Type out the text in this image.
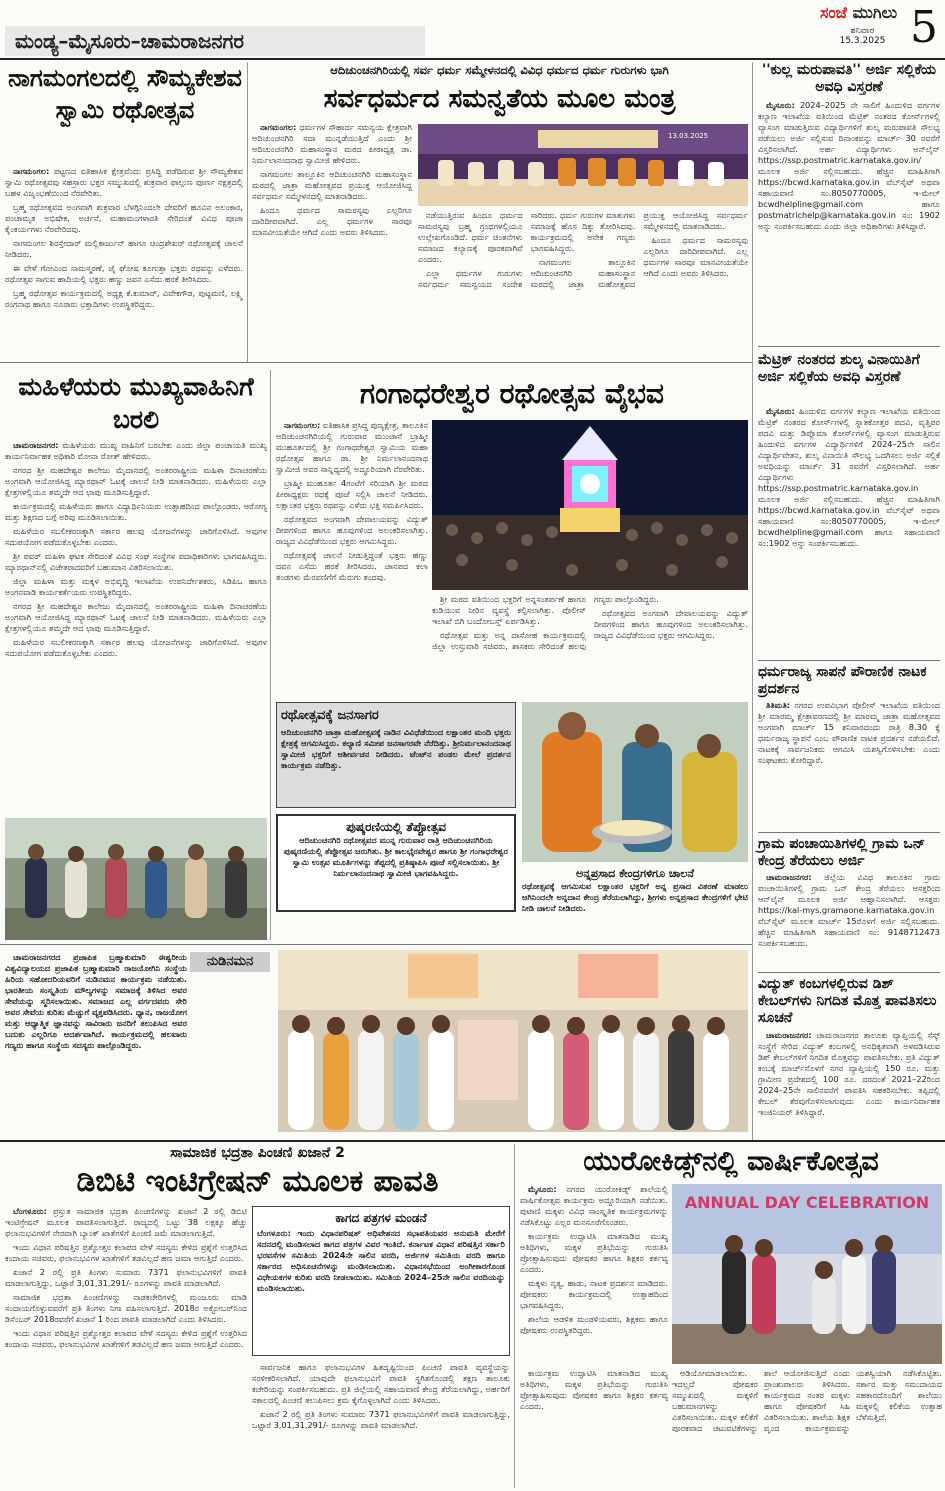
ಮಂಡ್ಯ–ಮೈಸೂರು–ಚಾಮರಾಜನಗರ
ಸಂಜೆ ಮುಗಿಲು
ಶನಿವಾರ
15.3.2025 5
ನಾಗಮಂಗಲದಲ್ಲಿ ಸೌಮ್ಯಕೇಶವ ಸ್ವಾಮಿ ರಥೋತ್ಸವ

ನಾಗಮಂಗಲ: ಪಟ್ಟಣದ ಐತಿಹಾಸಿಕ ಕ್ಷೇತ್ರವೆಂದು ಪ್ರಸಿದ್ಧಿ ಪಡೆದಿರುವ ಶ್ರೀ ಸೌಮ್ಯಕೇಶವ ಸ್ವಾಮಿ ರಥೋತ್ಸವವು ಸಹಸ್ರಾರು ಭಕ್ತರ ಸಮ್ಮುಖದಲ್ಲಿ ಶುಕ್ರವಾರ ಫಾಲ್ಗುಣ ಪೂರ್ಣ ನಕ್ಷತ್ರದಲ್ಲಿ ಬಹಳ ವಿಜೃಂಭಣೆಯಿಂದ ನೆರವೇರಿತು.

ಬ್ರಹ್ಮ ರಥೋತ್ಸವದ ಅಂಗವಾಗಿ ಶುಕ್ರವಾರ ಬೆಳಗ್ಗಿನಿಂದಲೇ ದೇವರಿಗೆ ಹೂವಿನ ಅಲಂಕಾರ, ಪಂಚಾಮೃತ ಅಭಿಷೇಕ, ಅರ್ಚನೆ, ಮಹಾಮಂಗಳಾರತಿ ಸೇರಿದಂತೆ ವಿವಿಧ ಪೂಜಾ ಕೈಂಕರ್ಯಗಳು ನೆರವೇರಿದವು.

ನಾಗಮಂಗಲ ಶಿರಸ್ತೇದಾರ್ ಮಲ್ಲಿಕಾರ್ಜುನ್ ಹಾಗೂ ಚಿಂದ್ರಶೇಖರ್ ರಥೋತ್ಸವಕ್ಕೆ ಚಾಲನೆ ನೀಡಿದರು.

ಈ ವೇಳೆ ಗೋವಿಂದ ನಾಮಸ್ಮರಣೆ, ಜೈ ಘೋಷ ಕೂಗುತ್ತಾ ಭಕ್ತರು ರಥವನ್ನು ಎಳೆದರು. ರಥೋತ್ಸವ ಸಾಗುವ ಹಾದಿಯಲ್ಲಿ ಭಕ್ತರು ಹಣ್ಣು ಜವನ ಎಸೆದು ಹರಕೆ ತೀರಿಸಿದರು.

ಬ್ರಹ್ಮ ರಥೋತ್ಸವ ಕಾರ್ಯಕ್ರಮದಲ್ಲಿ ಅಧ್ಯಕ್ಷ ಕೆ.ಕುಮಾರ್, ವಿವೇಕಗೌಡ, ಪುಟ್ಟಮಣಿ, ಲಕ್ಷ್ಮಿ ರಂಗನಾಥ ಹಾಗೂ ನೂರಾರು ಭಕ್ತಾದಿಗಳು ಉಪಸ್ಥಿತರಿದ್ದರು.

ಆದಿಚುಂಚನಗಿರಿಯಲ್ಲಿ ಸರ್ವ ಧರ್ಮ ಸಮ್ಮೇಳನದಲ್ಲಿ ವಿವಿಧ ಧರ್ಮದ ಧರ್ಮ ಗುರುಗಳು ಭಾಗಿ
ಸರ್ವಧರ್ಮದ ಸಮನ್ವತೆಯ ಮೂಲ ಮಂತ್ರ

ನಾಗಮಂಗಲ: ಧರ್ಮಗಳ ಸೌಹಾರ್ದ ಸಮನ್ವಯ ಕ್ಷೇತ್ರವಾಗಿ ಆದಿಚುಂಚನಗಿರಿ ಸದಾ ಮುನ್ನಡೆಯುತ್ತಿದೆ ಎಂದು ಶ್ರೀ ಆದಿಚುಂಚನಗಿರಿ ಮಹಾಸಂಸ್ಥಾನ ಮಠದ ಪೀಠಾಧ್ಯಕ್ಷ ಡಾ. ನಿರ್ಮಲಾನಂದನಾಥ ಸ್ವಾಮೀಜಿ ಹೇಳಿದರು.

ನಾಗಮಂಗಲ ತಾಲ್ಲೂಕಿನ ಆದಿಚುಂಚನಗಿರಿ ಮಹಾಸಂಸ್ಥಾನ ಮಠದಲ್ಲಿ ಜಾತ್ರಾ ಮಹೋತ್ಸವದ ಪ್ರಯುಕ್ತ ಆಯೋಜಿಸಿದ್ದ ಸರ್ವಧರ್ಮ ಸಮ್ಮೇಳನದಲ್ಲಿ ಮಾತನಾಡಿದರು.

ಹಿಂದೂ ಧರ್ಮದ ಸಾಮರಸ್ಯವು ಎಲ್ಲರಿಗೂ ದಾರಿದೀಪವಾಗಿದೆ. ಎಲ್ಲ ಧರ್ಮಗಳ ಸಾರವೂ ಮಾನವೀಯತೆಯೇ ಆಗಿದೆ ಎಂದು ಅವರು ತಿಳಿಸಿದರು.

13.03.2025

ನಡೆಯುತ್ತಿರುವ ಹಿಂದೂ ಧರ್ಮದ ಸಾಮರಸ್ಯವು ಬ್ರಹ್ಮ ಗ್ರಂಥಗಳಲ್ಲಿಯೂ ಉಲ್ಲೇಖಗೊಂಡಿದೆ. ಧರ್ಮ ಚಿಂತನೆಗಳು ಸಮಾಜದ ಕಲ್ಯಾಣಕ್ಕೆ ಪೂರಕವಾಗಿವೆ ಎಂದರು.

ಎಲ್ಲಾ ಧರ್ಮಗಳ ಗುರುಗಳು ಸರ್ವಧರ್ಮ ಸಮನ್ವಯದ ಸಂದೇಶ ಸಾರಿದರು. ಧರ್ಮ ಗುರುಗಳ ಮಾತುಗಳು ಸಮಾಜಕ್ಕೆ ಹೊಸ ದಿಕ್ಕು ತೋರಿಸಿದವು. ಕಾರ್ಯಕ್ರಮದಲ್ಲಿ ಅನೇಕ ಗಣ್ಯರು ಭಾಗವಹಿಸಿದ್ದರು.

ನಾಗಮಂಗಲ ತಾಲ್ಲೂಕಿನ ಆದಿಚುಂಚನಗಿರಿ ಮಹಾಸಂಸ್ಥಾನ ಮಠದಲ್ಲಿ ಜಾತ್ರಾ ಮಹೋತ್ಸವದ ಪ್ರಯುಕ್ತ ಆಯೋಜಿಸಿದ್ದ ಸರ್ವಧರ್ಮ ಸಮ್ಮೇಳನದಲ್ಲಿ ಮಾತನಾಡಿದರು.

ಹಿಂದೂ ಧರ್ಮದ ಸಾಮರಸ್ಯವು ಎಲ್ಲರಿಗೂ ದಾರಿದೀಪವಾಗಿದೆ. ಎಲ್ಲ ಧರ್ಮಗಳ ಸಾರವೂ ಮಾನವೀಯತೆಯೇ ಆಗಿದೆ ಎಂದು ಅವರು ತಿಳಿಸಿದರು.

''ಕುಲ್ಲ ಮರುಪಾವತಿ'' ಅರ್ಜಿ ಸಲ್ಲಿಕೆಯ ಅವಧಿ ವಿಸ್ತರಣೆ

ಮೈಸೂರು: 2024–2025 ನೇ ಸಾಲಿಗೆ ಹಿಂದುಳಿದ ವರ್ಗಗಳ ಕಲ್ಯಾಣ ಇಲಾಖೆಯ ವತಿಯಿಂದ ಮೆಟ್ರಿಕ್ ನಂತರದ ಕೋರ್ಸ್‌ಗಳಲ್ಲಿ ವ್ಯಾಸಂಗ ಮಾಡುತ್ತಿರುವ ವಿದ್ಯಾರ್ಥಿಗಳಿಗೆ ಶುಲ್ಕ ಮರುಪಾವತಿ ಸೌಲಭ್ಯ ಪಡೆಯಲು ಅರ್ಜಿ ಸಲ್ಲಿಸುವ ದಿನಾಂಕವನ್ನು ಮಾರ್ಚ್ 30 ರವರೆಗೆ ವಿಸ್ತರಿಸಲಾಗಿದೆ. ಅರ್ಹ ವಿದ್ಯಾರ್ಥಿಗಳು ಆನ್‌ಲೈನ್ https://ssp.postmatric.karnataka.gov.in/ ಮೂಲಕ ಅರ್ಜಿ ಸಲ್ಲಿಸಬಹುದು. ಹೆಚ್ಚಿನ ಮಾಹಿತಿಗಾಗಿ https://bcwd.karnataka.gov.in ವೆಬ್‌ಸೈಟ್ ಅಥವಾ ಸಹಾಯವಾಣಿ ಸಂ.8050770005, ಇ-ಮೇಲ್ bcwdhelpline@gmail.com ಹಾಗೂ postmatrichelp@karnataka.gov.in ಸಂ: 1902 ಅನ್ನು ಸಂಪರ್ಕಿಸಬಹುದು ಎಂದು ಜಿಲ್ಲಾ ಅಧಿಕಾರಿಗಳು ತಿಳಿಸಿದ್ದಾರೆ.

ಮೆಟ್ರಿಕ್ ನಂತರದ ಶುಲ್ಕ ವಿನಾಯಿತಿಗೆ ಅರ್ಜಿ ಸಲ್ಲಿಕೆಯ ಅವಧಿ ವಿಸ್ತರಣೆ

ಮೈಸೂರು: ಹಿಂದುಳಿದ ವರ್ಗಗಳ ಕಲ್ಯಾಣ ಇಲಾಖೆಯ ವತಿಯಿಂದ ಮೆಟ್ರಿಕ್ ನಂತರದ ಕೋರ್ಸ್‌ಗಳಲ್ಲಿ ಸ್ನಾತಕೋತ್ತರ ಪದವಿ, ವೃತ್ತಿಪರ ಪದವಿ ಮತ್ತು ಡಿಪ್ಲೊಮಾ ಕೋರ್ಸ್‌ಗಳಲ್ಲಿ ವ್ಯಾಸಂಗ ಮಾಡುತ್ತಿರುವ ಹಿಂದುಳಿದ ವರ್ಗಗಳ ವಿದ್ಯಾರ್ಥಿಗಳಿಗೆ 2024–25ನೇ ಸಾಲಿನ ವಿದ್ಯಾರ್ಥಿವೇತನ, ಶುಲ್ಕ ವಿನಾಯಿತಿ ಸೌಲಭ್ಯ ಒದಗಿಸಲು ಅರ್ಜಿ ಸಲ್ಲಿಕೆ ಅವಧಿಯನ್ನು ಮಾರ್ಚ್ 31 ರವರೆಗೆ ವಿಸ್ತರಿಸಲಾಗಿದೆ. ಅರ್ಹ ವಿದ್ಯಾರ್ಥಿಗಳು https://ssp.postmatric.karnataka.gov.in ಮೂಲಕ ಅರ್ಜಿ ಸಲ್ಲಿಸಬಹುದು. ಹೆಚ್ಚಿನ ಮಾಹಿತಿಗಾಗಿ https://bcwd.karnataka.gov.in ವೆಬ್‌ಸೈಟ್ ಅಥವಾ ಸಹಾಯವಾಣಿ ಸಂ:8050770005, ಇ-ಮೇಲ್ bcwdhelpline@gmail.com ಹಾಗೂ ಸಹಾಯವಾಣಿ ಸಂ:1902 ಅನ್ನು ಸಂಪರ್ಕಿಸಬಹುದು.

ಧರ್ಮರಾಜ್ಯ ಸಾಪನೆ ಪೌರಾಣಿಕ ನಾಟಕ ಪ್ರದರ್ಶನ

ತಿತಿಮತಿ: ನಗರದ ಉಪವಿಭಾಗ ಪೊಲೀಸ್ ಇಲಾಖೆಯ ವತಿಯಿಂದ ಶ್ರೀ ಮಾರಮ್ಮ ಕ್ಷೇತ್ರಾವರಣದಲ್ಲಿ ಶ್ರೀ ಮಾರಮ್ಮ ಜಾತ್ರಾ ಮಹೋತ್ಸವದ ಅಂಗವಾಗಿ ಮಾರ್ಚ್ 15 ಶನಿವಾರದಂದು ರಾತ್ರಿ 8.30 ಕ್ಕೆ ಧರ್ಮರಾಜ್ಯ ಸ್ಥಾಪನೆ ಎಂಬ ಪೌರಾಣಿಕ ನಾಟಕ ಪ್ರದರ್ಶನ ನಡೆಯಲಿದೆ. ನಾಟಕಕ್ಕೆ ಸಾರ್ವಜನಿಕರು ಆಗಮಿಸಿ ಯಶಸ್ವಿಗೊಳಿಸಬೇಕು ಎಂದು ಸಂಘಟಕರು ಕೋರಿದ್ದಾರೆ.

ಗ್ರಾಮ ಪಂಚಾಯಿತಿಗಳಲ್ಲಿ ಗ್ರಾಮ ಒನ್ ಕೇಂದ್ರ ತೆರೆಯಲು ಅರ್ಜಿ

ಚಾಮರಾಜನಗರ: ಜಿಲ್ಲೆಯ ವಿವಿಧ ತಾಲೂಕಿನ ಗ್ರಾಮ ಪಂಚಾಯಿತಿಗಳಲ್ಲಿ ಗ್ರಾಮ ಒನ್ ಕೇಂದ್ರ ತೆರೆಯಲು ಆಸಕ್ತರಿಂದ ಆನ್‌ಲೈನ್ ಮೂಲಕ ಅರ್ಜಿ ಆಹ್ವಾನಿಸಲಾಗಿದೆ. ಆಸಕ್ತರು https://kal-mys.gramaone.karnataka.gov.in ವೆಬ್‌ಸೈಟ್ ಮೂಲಕ ಮಾರ್ಚ್ 15ರೊಳಗೆ ಅರ್ಜಿ ಸಲ್ಲಿಸಬಹುದು. ಹೆಚ್ಚಿನ ಮಾಹಿತಿಗಾಗಿ ಸಹಾಯವಾಣಿ ಸಂ: 9148712473 ಸಂಪರ್ಕಿಸಬಹುದು.

ವಿದ್ಯುತ್ ಕಂಬಗಳಲ್ಲಿರುವ ಡಿಶ್ ಕೇಬಲ್‌ಗಳು ನಿಗದಿತ ಮೊತ್ತ ಪಾವತಿಸಲು ಸೂಚನೆ

ಚಾಮರಾಜನಗರ: ಚಾಮರಾಜನಗರ ತಾಲೂಕು ವ್ಯಾಪ್ತಿಯಲ್ಲಿ ಸೆಸ್ಕ್ ಸಂಸ್ಥೆಗೆ ಸೇರಿದ ವಿದ್ಯುತ್ ಕಂಬಗಳಲ್ಲಿ ಅನಧಿಕೃತವಾಗಿ ಅಳವಡಿಸಿರುವ ಡಿಶ್ ಕೇಬಲ್‌ಗಳಿಗೆ ನಿಗದಿತ ಮೊತ್ತವನ್ನು ಪಾವತಿಸಬೇಕು. ಪ್ರತಿ ವಿದ್ಯುತ್ ಕಂಬಕ್ಕೆ ಮಾರ್ಚ್‌ನೊಳಗೆ ನಗರ ವ್ಯಾಪ್ತಿಯಲ್ಲಿ 150 ರೂ. ಮತ್ತು ಗ್ರಾಮೀಣ ಪ್ರದೇಶದಲ್ಲಿ 100 ರೂ. ದರದಂತೆ 2021–22ರಿಂದ 2024–25ನೇ ಸಾಲಿನವರೆಗೆ ಪಾವತಿಸಿ ಸಹಕರಿಸಬೇಕು. ತಪ್ಪಿದಲ್ಲಿ ಕೇಬಲ್ ತೆರವುಗೊಳಿಸಲಾಗುವುದು ಎಂದು ಕಾರ್ಯನಿರ್ವಾಹಕ ಇಂಜಿನಿಯರ್ ತಿಳಿಸಿದ್ದಾರೆ.

ಮಹಿಳೆಯರು ಮುಖ್ಯವಾಹಿನಿಗೆ ಬರಲಿ

ಚಾಮರಾಜನಗರ: ಮಹಿಳೆಯರು ಮುಖ್ಯ ವಾಹಿನಿಗೆ ಬರಬೇಕು ಎಂದು ಜಿಲ್ಲಾ ಪಂಚಾಯತಿ ಮುಖ್ಯ ಕಾರ್ಯನಿರ್ವಾಹಕ ಅಧಿಕಾರಿ ಮೋನಾ ರೋತ್ ಹೇಳಿದರು.

ನಗರದ ಶ್ರೀ ಮಹದೇಶ್ವರ ಕಾಲೇಜು ಮೈದಾನದಲ್ಲಿ ಅಂತರರಾಷ್ಟ್ರೀಯ ಮಹಿಳಾ ದಿನಾಚರಣೆಯ ಅಂಗವಾಗಿ ಆಯೋಜಿಸಿದ್ದ ಮ್ಯಾರಥಾನ್ ಓಟಕ್ಕೆ ಚಾಲನೆ ನೀಡಿ ಮಾತನಾಡಿದರು. ಮಹಿಳೆಯರು ಎಲ್ಲಾ ಕ್ಷೇತ್ರಗಳಲ್ಲಿಯೂ ತಮ್ಮದೇ ಆದ ಛಾಪು ಮೂಡಿಸುತ್ತಿದ್ದಾರೆ.

ಕಾರ್ಯಕ್ರಮದಲ್ಲಿ ಮಹಿಳೆಯರು ಹಾಗೂ ವಿದ್ಯಾರ್ಥಿನಿಯರು ಉತ್ಸಾಹದಿಂದ ಪಾಲ್ಗೊಂಡರು. ಆರೋಗ್ಯ ಮತ್ತು ಶಿಕ್ಷಣದ ಬಗ್ಗೆ ಅರಿವು ಮೂಡಿಸಲಾಯಿತು.

ಮಹಿಳೆಯರ ಸಬಲೀಕರಣಕ್ಕಾಗಿ ಸರ್ಕಾರ ಹಲವು ಯೋಜನೆಗಳನ್ನು ಜಾರಿಗೊಳಿಸಿದೆ. ಅವುಗಳ ಸದುಪಯೋಗ ಪಡೆದುಕೊಳ್ಳಬೇಕು ಎಂದರು.

ಶ್ರೀ ಪವರ್ ಮಹಿಳಾ ಘಟಕ ಸೇರಿದಂತೆ ವಿವಿಧ ಸಂಘ ಸಂಸ್ಥೆಗಳ ಪದಾಧಿಕಾರಿಗಳು ಭಾಗವಹಿಸಿದ್ದರು. ಮ್ಯಾರಥಾನ್‌ನಲ್ಲಿ ವಿಜೇತರಾದವರಿಗೆ ಬಹುಮಾನ ವಿತರಿಸಲಾಯಿತು.

ಜಿಲ್ಲಾ ಮಹಿಳಾ ಮತ್ತು ಮಕ್ಕಳ ಅಭಿವೃದ್ಧಿ ಇಲಾಖೆಯ ಉಪನಿರ್ದೇಶಕರು, ಸಿಡಿಪಿಒ ಹಾಗೂ ಅಂಗನವಾಡಿ ಕಾರ್ಯಕರ್ತೆಯರು ಉಪಸ್ಥಿತರಿದ್ದರು.

ನಗರದ ಶ್ರೀ ಮಹದೇಶ್ವರ ಕಾಲೇಜು ಮೈದಾನದಲ್ಲಿ ಅಂತರರಾಷ್ಟ್ರೀಯ ಮಹಿಳಾ ದಿನಾಚರಣೆಯ ಅಂಗವಾಗಿ ಆಯೋಜಿಸಿದ್ದ ಮ್ಯಾರಥಾನ್ ಓಟಕ್ಕೆ ಚಾಲನೆ ನೀಡಿ ಮಾತನಾಡಿದರು. ಮಹಿಳೆಯರು ಎಲ್ಲಾ ಕ್ಷೇತ್ರಗಳಲ್ಲಿಯೂ ತಮ್ಮದೇ ಆದ ಛಾಪು ಮೂಡಿಸುತ್ತಿದ್ದಾರೆ.

ಮಹಿಳೆಯರ ಸಬಲೀಕರಣಕ್ಕಾಗಿ ಸರ್ಕಾರ ಹಲವು ಯೋಜನೆಗಳನ್ನು ಜಾರಿಗೊಳಿಸಿದೆ. ಅವುಗಳ ಸದುಪಯೋಗ ಪಡೆದುಕೊಳ್ಳಬೇಕು ಎಂದರು.

ಗಂಗಾಧರೇಶ್ವರ ರಥೋತ್ಸವ ವೈಭವ

ನಾಗಮಂಗಲ: ಐತಿಹಾಸಿಕ ಪ್ರಸಿದ್ಧ ಪುಣ್ಯಕ್ಷೇತ್ರ, ತಾಲೂಕಿನ ಆದಿಚುಂಚನಗಿರಿಯಲ್ಲಿ ಗುರುವಾರ ಮುಂಜಾನೆ ಬ್ರಾಹ್ಮೀ ಮುಹೂರ್ತದಲ್ಲಿ ಶ್ರೀ ಗಂಗಾಧರೇಶ್ವರ ಸ್ವಾಮಿಯ ಮಹಾ ರಥೋತ್ಸವ ಹಾಗೂ ಡಾ. ಶ್ರೀ ನಿರ್ಮಲಾನಂದನಾಥ ಸ್ವಾಮೀಜಿ ಅವರ ಸಾನ್ನಿಧ್ಯದಲ್ಲಿ ಅದ್ಧೂರಿಯಾಗಿ ನೆರವೇರಿತು.

ಬ್ರಾಹ್ಮೀ ಮುಹೂರ್ತ 4ಗಂಟೆಗೆ ಸರಿಯಾಗಿ ಶ್ರೀ ಮಠದ ಪೀಠಾಧ್ಯಕ್ಷರು ರಥಕ್ಕೆ ಪೂಜೆ ಸಲ್ಲಿಸಿ ಚಾಲನೆ ನೀಡಿದರು. ಲಕ್ಷಾಂತರ ಭಕ್ತರು ರಥವನ್ನು ಎಳೆದು ಭಕ್ತಿ ಸಮರ್ಪಿಸಿದರು.

ರಥೋತ್ಸವದ ಅಂಗವಾಗಿ ದೇವಾಲಯವನ್ನು ವಿದ್ಯುತ್ ದೀಪಗಳಿಂದ ಹಾಗೂ ಹೂವುಗಳಿಂದ ಅಲಂಕರಿಸಲಾಗಿತ್ತು. ರಾಜ್ಯದ ವಿವಿಧೆಡೆಯಿಂದ ಭಕ್ತರು ಆಗಮಿಸಿದ್ದರು.

ರಥೋತ್ಸವಕ್ಕೆ ಚಾಲನೆ ನೀಡುತ್ತಿದ್ದಂತೆ ಭಕ್ತರು ಹಣ್ಣು ದವನ ಎಸೆದು ಹರಕೆ ತೀರಿಸಿದರು. ಜಾನಪದ ಕಲಾ ತಂಡಗಳು ಮೆರವಣಿಗೆಗೆ ಮೆರುಗು ತಂದವು.

ಶ್ರೀ ಮಠದ ವತಿಯಿಂದ ಭಕ್ತರಿಗೆ ಅನ್ನಸಂತರ್ಪಣೆ ಹಾಗೂ ಕುಡಿಯುವ ನೀರಿನ ವ್ಯವಸ್ಥೆ ಕಲ್ಪಿಸಲಾಗಿತ್ತು. ಪೊಲೀಸ್ ಇಲಾಖೆ ಬಿಗಿ ಬಂದೋಬಸ್ತ್ ಏರ್ಪಡಿಸಿತ್ತು.

ರಥೋತ್ಸವ ಮತ್ತು ಅನ್ನ ದಾಸೋಹ ಕಾರ್ಯಕ್ರಮದಲ್ಲಿ ಜಿಲ್ಲಾ ಉಸ್ತುವಾರಿ ಸಚಿವರು, ಶಾಸಕರು ಸೇರಿದಂತೆ ಹಲವು ಗಣ್ಯರು ಪಾಲ್ಗೊಂಡಿದ್ದರು.

ರಥೋತ್ಸವದ ಅಂಗವಾಗಿ ದೇವಾಲಯವನ್ನು ವಿದ್ಯುತ್ ದೀಪಗಳಿಂದ ಹಾಗೂ ಹೂವುಗಳಿಂದ ಅಲಂಕರಿಸಲಾಗಿತ್ತು. ರಾಜ್ಯದ ವಿವಿಧೆಡೆಯಿಂದ ಭಕ್ತರು ಆಗಮಿಸಿದ್ದರು.

ರಥೋತ್ಸವಕ್ಕೆ ಜನಸಾಗರ
ಆದಿಚುಂಚನಗಿರಿ ಜಾತ್ರಾ ಮಹೋತ್ಸವಕ್ಕೆ ನಾಡಿನ ವಿವಿಧೆಡೆಯಿಂದ ಲಕ್ಷಾಂತರ ಮಂದಿ ಭಕ್ತರು ಕ್ಷೇತ್ರಕ್ಕೆ ಆಗಮಿಸಿದ್ದರು. ಕಲ್ಯಾಣಿ ಸಮೀಪ ಜನಸಾಗರವೇ ನೆರೆದಿತ್ತು. ಶ್ರೀನಿರ್ಮಲಾನಂದನಾಥ ಸ್ವಾಮೀಜಿ ಭಕ್ತರಿಗೆ ಆಶೀರ್ವಚನ ನೀಡಿದರು. ಟೆಂಟ್‌ನ ಪಂಡಲ ಮೇಲೆ ಪ್ರದರ್ಶನ ಕಾರ್ಯಕ್ರಮ ನಡೆದಿತ್ತು.
ಪುಷ್ಕರಣಿಯಲ್ಲಿ ತೆಪ್ಪೋತ್ಸವ
ಆದಿಚುಂಚನಗಿರಿ ರಥೋತ್ಸವದ ಮುನ್ನ ಗುರುವಾರ ರಾತ್ರಿ ಆದಿಚುಂಚನಗಿರಿಯ ಪುಷ್ಕರಣಿಯಲ್ಲಿ ತೆಪ್ಪೋತ್ಸವ ಜರುಗಿತು. ಶ್ರೀ ಕಾಲಭೈರವೇಶ್ವರ ಹಾಗೂ ಶ್ರೀ ಗಂಗಾಧರೇಶ್ವರ ಸ್ವಾಮಿ ಉತ್ಸವ ಮೂರ್ತಿಗಳನ್ನು ತೆಪ್ಪದಲ್ಲಿ ಪ್ರತಿಷ್ಠಾಪಿಸಿ ಪೂಜೆ ಸಲ್ಲಿಸಲಾಯಿತು. ಶ್ರೀ ನಿರ್ಮಲಾನಂದನಾಥ ಸ್ವಾಮೀಜಿ ಭಾಗವಹಿಸಿದ್ದರು.	ಅನ್ನಪ್ರಸಾದ ಕೇಂದ್ರಗಳಿಗೂ ಚಾಲನೆ
ರಥೋತ್ಸವಕ್ಕೆ ಆಗಮಿಸುವ ಲಕ್ಷಾಂತರ ಭಕ್ತರಿಗೆ ಅನ್ನ ಪ್ರಸಾದ ವಿತರಣೆ ಮಾಡಲು ಆಗಿನಿಂದಲೇ ಅನ್ನದಾನ ಕೇಂದ್ರ ತೆರೆಯಲಾಗಿದ್ದು, ಶ್ರೀಗಳು ಅನ್ನಪ್ರಸಾದ ಕೇಂದ್ರಗಳಿಗೆ ಭೇಟಿ ನೀಡಿ ಚಾಲನೆ ನೀಡಿದರು.
ನುಡಿನಮನ

ಚಾಮರಾಜನಗರದ ಪ್ರಜಾಪಿತ ಬ್ರಹ್ಮಾಕುಮಾರಿ ಈಶ್ವರೀಯ ವಿಶ್ವವಿದ್ಯಾಲಯದ ಪ್ರಜಾಪಿತ ಬ್ರಹ್ಮಾಕುಮಾರಿ ರಾಜಯೋಗಿನಿ ಸಂಸ್ಥೆಯ ಹಿರಿಯ ಸಹೋದರಿಯವರಿಗೆ ನುಡಿನಮನ ಕಾರ್ಯಕ್ರಮ ನಡೆಯಿತು. ಭಾರತೀಯ ಸಂಸ್ಕೃತಿಯ ಮೌಲ್ಯಗಳನ್ನು ಸಮಾಜಕ್ಕೆ ತಿಳಿಸಿದ ಅವರ ಸೇವೆಯನ್ನು ಸ್ಮರಿಸಲಾಯಿತು. ಸಮಾಜದ ಎಲ್ಲ ವರ್ಗದವರು ಸೇರಿ ಅವರ ಸೇವೆಯ ಕುರಿತು ಮೆಚ್ಚುಗೆ ವ್ಯಕ್ತಪಡಿಸಿದರು. ಧ್ಯಾನ, ರಾಜಯೋಗ ಮತ್ತು ಆಧ್ಯಾತ್ಮಿಕ ಜ್ಞಾನವನ್ನು ಸಾವಿರಾರು ಜನರಿಗೆ ತಲುಪಿಸಿದ ಅವರ ಬದುಕು ಎಲ್ಲರಿಗೂ ಆದರ್ಶವಾಗಿದೆ. ಕಾರ್ಯಕ್ರಮದಲ್ಲಿ ಹಲವಾರು ಗಣ್ಯರು ಹಾಗೂ ಸಂಸ್ಥೆಯ ಸದಸ್ಯರು ಪಾಲ್ಗೊಂಡಿದ್ದರು.

ಸಾಮಾಜಿಕ ಭದ್ರತಾ ಪಿಂಚಣಿ ಖಜಾನೆ 2
ಡಿಬಿಟಿ ಇಂಟಿಗ್ರೇಷನ್ ಮೂಲಕ ಪಾವತಿ

ಬೆಂಗಳೂರು: ಪ್ರಸ್ತುತ ಸಾಮಾಜಿಕ ಭದ್ರತಾ ಪಿಂಚಣಿಗಳನ್ನು ಖಜಾನೆ 2 ರಲ್ಲಿ ಡಿಬಿಟಿ ಇಂಟಿಗ್ರೇಷನ್ ಮೂಲಕ ಪಾವತಿಸಲಾಗುತ್ತಿದೆ. ರಾಜ್ಯದಲ್ಲಿ ಒಟ್ಟು 38 ಲಕ್ಷಕ್ಕೂ ಹೆಚ್ಚು ಫಲಾನುಭವಿಗಳಿಗೆ ನೇರವಾಗಿ ಬ್ಯಾಂಕ್ ಖಾತೆಗಳಿಗೆ ಪಿಂಚಣಿ ಜಮೆ ಮಾಡಲಾಗುತ್ತಿದೆ.

ಇಂದು ವಿಧಾನ ಪರಿಷತ್ತಿನ ಪ್ರಶ್ನೋತ್ತರ ಕಲಾಪದ ವೇಳೆ ಸದಸ್ಯರು ಕೇಳಿದ ಪ್ರಶ್ನೆಗೆ ಉತ್ತರಿಸಿದ ಕಂದಾಯ ಸಚಿವರು, ಫಲಾನುಭವಿಗಳ ಖಾತೆಗಳಿಗೆ ತಡವಿಲ್ಲದೆ ಹಣ ಜಮಾ ಆಗುತ್ತಿದೆ ಎಂದರು.

ಖಜಾನೆ 2 ರಲ್ಲಿ ಪ್ರತಿ ತಿಂಗಳು ಸುಮಾರು 7371 ಫಲಾನುಭವಿಗಳಿಗೆ ಪಾವತಿ ಮಾಡಲಾಗುತ್ತಿದ್ದು, ಒಟ್ಟಾರೆ 3,01,31,291/- ರೂಗಳನ್ನು ಪಾವತಿ ಮಾಡಲಾಗಿದೆ.

ಸಾಮಾಜಿಕ ಭದ್ರತಾ ಪಿಂಚಣಿಗಳನ್ನು ನಾಡಕಚೇರಿಗಳಲ್ಲಿ ಮಂಜೂರು ಮಾಡಿ ಸಂದಾಯಗೊಳ್ಳುವವರೆಗೆ ಪ್ರತಿ ತಿಂಗಳು ನಿಗಾ ವಹಿಸಲಾಗುತ್ತಿದೆ. 2018ರ ಅಕ್ಟೋಬರ್‌ನಿಂದ ಡಿಸೆಂಬರ್ 2018ರವರೆಗೆ ಖಜಾನೆ 1 ರಿಂದ ಪಾವತಿ ಮಾಡಲಾಗಿದೆ ಎಂದು ತಿಳಿಸಿದರು.

ಇಂದು ವಿಧಾನ ಪರಿಷತ್ತಿನ ಪ್ರಶ್ನೋತ್ತರ ಕಲಾಪದ ವೇಳೆ ಸದಸ್ಯರು ಕೇಳಿದ ಪ್ರಶ್ನೆಗೆ ಉತ್ತರಿಸಿದ ಕಂದಾಯ ಸಚಿವರು, ಫಲಾನುಭವಿಗಳ ಖಾತೆಗಳಿಗೆ ತಡವಿಲ್ಲದೆ ಹಣ ಜಮಾ ಆಗುತ್ತಿದೆ ಎಂದರು.

ಕಾಗದ ಪತ್ರಗಳ ಮಂಡನೆ
ಬೆಂಗಳೂರು: ಇಂದು ವಿಧಾನಪರಿಷತ್ ಅಧಿವೇಶನದ ಸಭಾಪತಿಯವರ ಅನುಮತಿ ಮೇರೆಗೆ ಸದನದಲ್ಲಿ ಮಂಡಿಸಲಾದ ಕಾಗದ ಪತ್ರಗಳ ವಿವರ ಇಂತಿದೆ. ಕರ್ನಾಟಕ ವಿಧಾನ ಪರಿಷತ್ತಿನ ಸರ್ಕಾರಿ ಭರವಸೆಗಳ ಸಮಿತಿಯ 2024ನೇ ಸಾಲಿನ ವರದಿ, ಅರ್ಜಿಗಳ ಸಮಿತಿಯ ವರದಿ ಹಾಗೂ ಸರ್ಕಾರದ ಅಧಿಸೂಚನೆಗಳನ್ನು ಮಂಡಿಸಲಾಯಿತು. ವಿಧಾನಸಭೆಯಿಂದ ಅಂಗೀಕಾರಗೊಂಡ ವಿಧೇಯಕಗಳ ಕುರಿತು ವರದಿ ನೀಡಲಾಯಿತು. ಸಮಿತಿಯ 2024–25ನೇ ಸಾಲಿನ ವರದಿಯನ್ನು ಮಂಡಿಸಲಾಯಿತು.

ಸಾರ್ವಜನಿಕ ಹಾಗೂ ಫಲಾನುಭವಿಗಳ ಹಿತದೃಷ್ಟಿಯಿಂದ ಪಿಂಚಣಿ ಪಾವತಿ ವ್ಯವಸ್ಥೆಯನ್ನು ಸರಳೀಕರಿಸಲಾಗಿದೆ. ಯಾವುದೇ ಫಲಾನುಭವಿಗೆ ಪಾವತಿ ಸ್ಥಗಿತಗೊಂಡಲ್ಲಿ ತಕ್ಷಣ ತಾಲೂಕು ಕಚೇರಿಯನ್ನು ಸಂಪರ್ಕಿಸಬಹುದು. ಪ್ರತಿ ಜಿಲ್ಲೆಯಲ್ಲಿ ಸಹಾಯವಾಣಿ ಕೇಂದ್ರ ತೆರೆಯಲಾಗಿದ್ದು, ಅರ್ಹರಿಗೆ ಸಕಾಲದಲ್ಲಿ ಪಿಂಚಣಿ ತಲುಪಿಸಲು ಕ್ರಮ ಕೈಗೊಳ್ಳಲಾಗಿದೆ ಎಂದು ತಿಳಿಸಿದರು.

ಖಜಾನೆ 2 ರಲ್ಲಿ ಪ್ರತಿ ತಿಂಗಳು ಸುಮಾರು 7371 ಫಲಾನುಭವಿಗಳಿಗೆ ಪಾವತಿ ಮಾಡಲಾಗುತ್ತಿದ್ದು, ಒಟ್ಟಾರೆ 3,01,31,291/- ರೂಗಳನ್ನು ಪಾವತಿ ಮಾಡಲಾಗಿದೆ.

ಯುರೋಕಿಡ್ಸ್‌ನಲ್ಲಿ ವಾರ್ಷಿಕೋತ್ಸವ

ಮೈಸೂರು: ನಗರದ ಯುರೋಕಿಡ್ಸ್ ಶಾಲೆಯಲ್ಲಿ ವಾರ್ಷಿಕೋತ್ಸವ ಕಾರ್ಯಕ್ರಮ ಅದ್ದೂರಿಯಾಗಿ ನಡೆಯಿತು. ಪುಟಾಣಿ ಮಕ್ಕಳು ವಿವಿಧ ಸಾಂಸ್ಕೃತಿಕ ಕಾರ್ಯಕ್ರಮಗಳನ್ನು ನಡೆಸಿಕೊಟ್ಟು ಎಲ್ಲರ ಮನಸೂರೆಗೊಂಡರು.

ಕಾರ್ಯಕ್ರಮ ಉದ್ಘಾಟಿಸಿ ಮಾತನಾಡಿದ ಮುಖ್ಯ ಅತಿಥಿಗಳು, ಮಕ್ಕಳ ಪ್ರತಿಭೆಯನ್ನು ಗುರುತಿಸಿ ಪ್ರೋತ್ಸಾಹಿಸುವುದು ಪೋಷಕರ ಹಾಗೂ ಶಿಕ್ಷಕರ ಕರ್ತವ್ಯ ಎಂದರು.

ಮಕ್ಕಳು ನೃತ್ಯ, ಹಾಡು, ನಾಟಕ ಪ್ರದರ್ಶನ ಮಾಡಿದರು. ಪೋಷಕರು ಕಾರ್ಯಕ್ರಮದಲ್ಲಿ ಉತ್ಸಾಹದಿಂದ ಭಾಗವಹಿಸಿದ್ದರು.

ಶಾಲೆಯ ಆಡಳಿತ ಮಂಡಳಿಯವರು, ಶಿಕ್ಷಕರು ಹಾಗೂ ಪೋಷಕರು ಉಪಸ್ಥಿತರಿದ್ದರು.

ANNUAL DAY CELEBRATION

ಆಡಿಯೋಮಾಡಲಾಯಿತು. ಇದಲ್ಲದೆ ಪೋಷಕರ ಸಮ್ಮುಖದಲ್ಲಿ ಮಕ್ಕಳಿಗೆ ಬಹುಮಾನಗಳನ್ನು ವಿತರಿಸಲಾಯಿತು. ಮಕ್ಕಳ ಕಲಿಕೆಗೆ ಪೂರಕವಾದ ಚಟುವಟಿಕೆಗಳನ್ನು ಶಾಲೆ ಆಯೋಜಿಸುತ್ತಿದೆ ಎಂದು ಪ್ರಾಂಶುಪಾಲರು ತಿಳಿಸಿದರು. ಕಾರ್ಯಕ್ರಮದ ನಂತರ ಮಕ್ಕಳು ಹಾಗೂ ಪೋಷಕರಿಗೆ ಸಿಹಿ ವಿತರಿಸಲಾಯಿತು. ಶಾಲೆಯ ಶಿಕ್ಷಕ ವೃಂದ ಕಾರ್ಯಕ್ರಮವನ್ನು ಯಶಸ್ವಿಯಾಗಿ ನಡೆಸಿಕೊಟ್ಟಿತು. ಸರ್ಕಾರ ಮತ್ತು ಸಮುದಾಯದ ಸಹಕಾರದೊಂದಿಗೆ ಶಾಲೆಯು ಮಕ್ಕಳಲ್ಲಿ ಕಲಿಕೆಯ ಉತ್ಸಾಹ ಬೆಳೆಸುತ್ತಿದೆ.

ಕಾರ್ಯಕ್ರಮ ಉದ್ಘಾಟಿಸಿ ಮಾತನಾಡಿದ ಮುಖ್ಯ ಅತಿಥಿಗಳು, ಮಕ್ಕಳ ಪ್ರತಿಭೆಯನ್ನು ಗುರುತಿಸಿ ಪ್ರೋತ್ಸಾಹಿಸುವುದು ಪೋಷಕರ ಹಾಗೂ ಶಿಕ್ಷಕರ ಕರ್ತವ್ಯ ಎಂದರು.
